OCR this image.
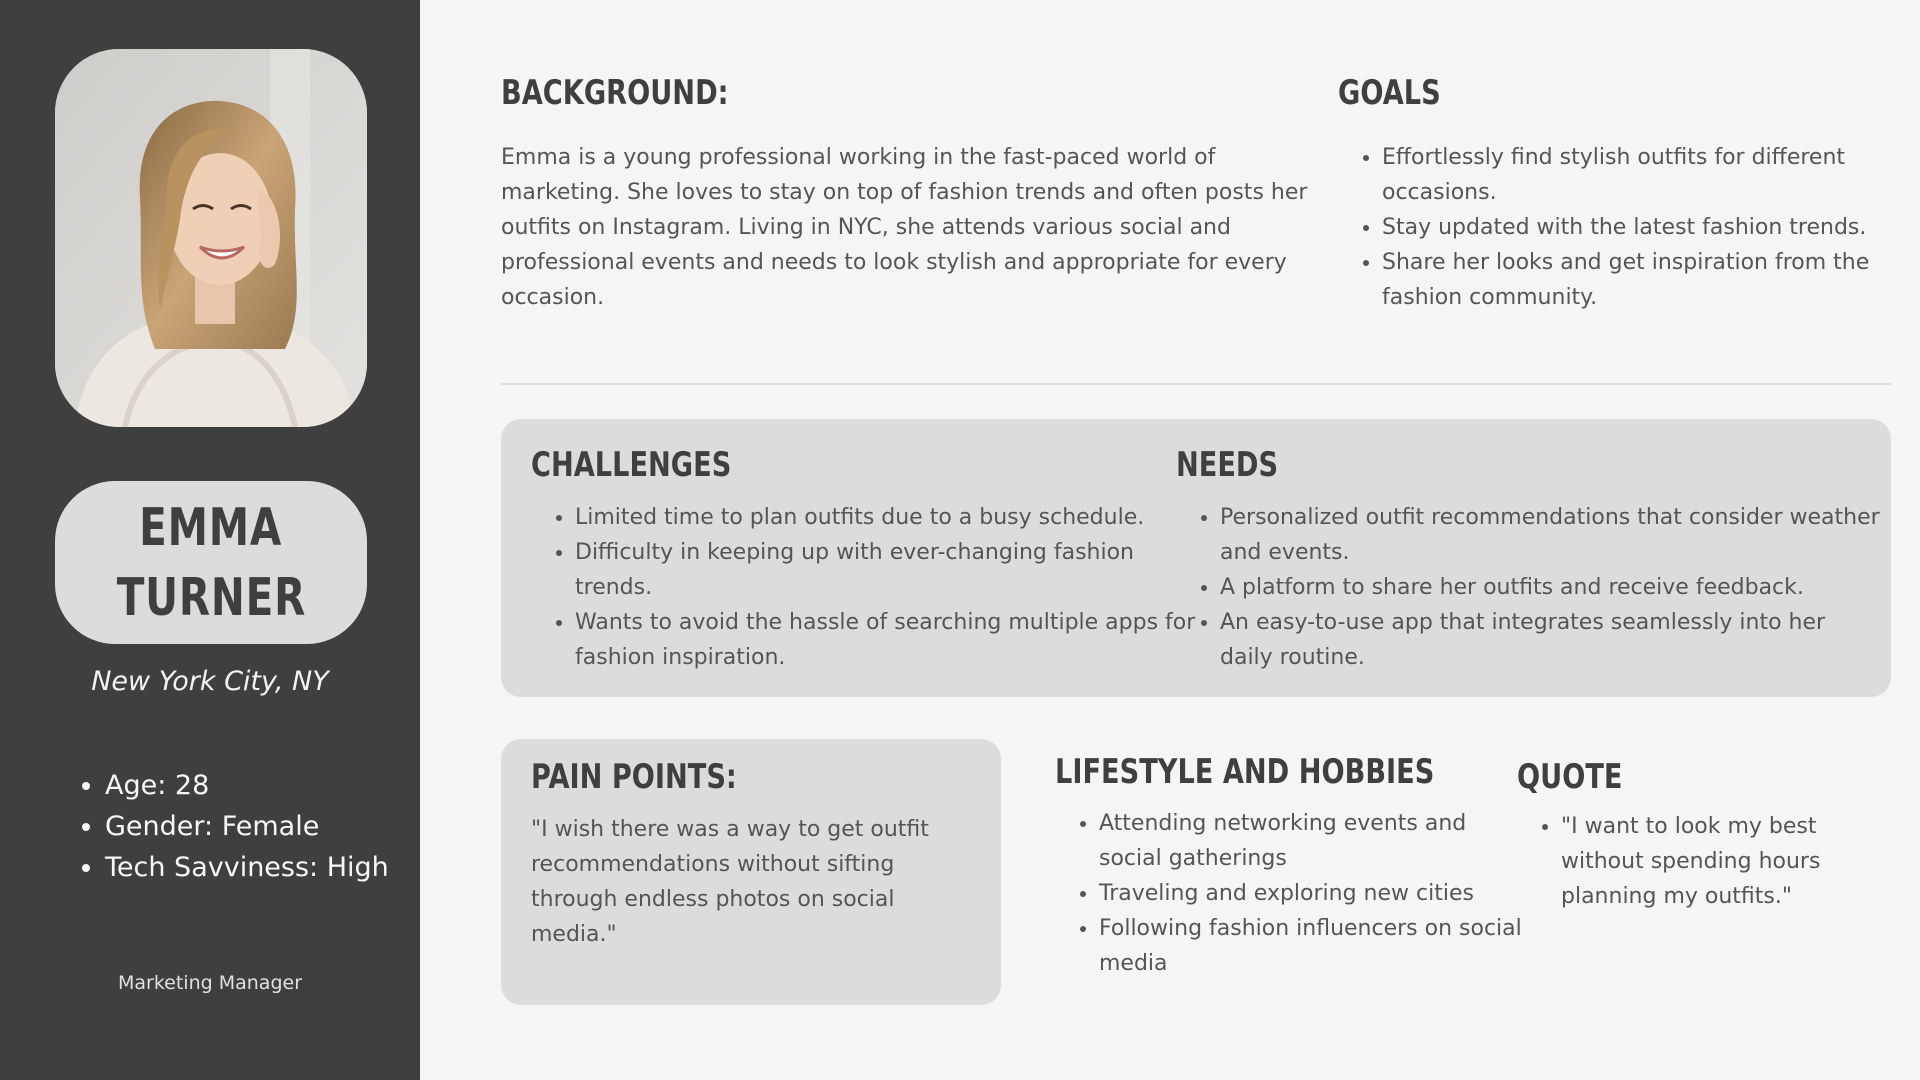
EMMA
TURNER
New York City, NY
• Age: 28
• Gender: Female
• Tech Savviness: High
Marketing Manager
BACKGROUND:

Emma is a young professional working in the fast-paced world of marketing. She loves to stay on top of fashion trends and often posts her outfits on Instagram. Living in NYC, she attends various social and professional events and needs to look stylish and appropriate for every occasion.

GOALS
• Effortlessly find stylish outfits for different occasions.
• Stay updated with the latest fashion trends.
• Share her looks and get inspiration from the fashion community.
CHALLENGES
• Limited time to plan outfits due to a busy schedule.
• Difficulty in keeping up with ever-changing fashion trends.
• Wants to avoid the hassle of searching multiple apps for fashion inspiration.
NEEDS
• Personalized outfit recommendations that consider weather and events.
• A platform to share her outfits and receive feedback.
• An easy-to-use app that integrates seamlessly into her daily routine.
PAIN POINTS:

"I wish there was a way to get outfit recommendations without sifting through endless photos on social media."

LIFESTYLE AND HOBBIES
• Attending networking events and social gatherings
• Traveling and exploring new cities
• Following fashion influencers on social media
QUOTE
• "I want to look my best without spending hours planning my outfits."
